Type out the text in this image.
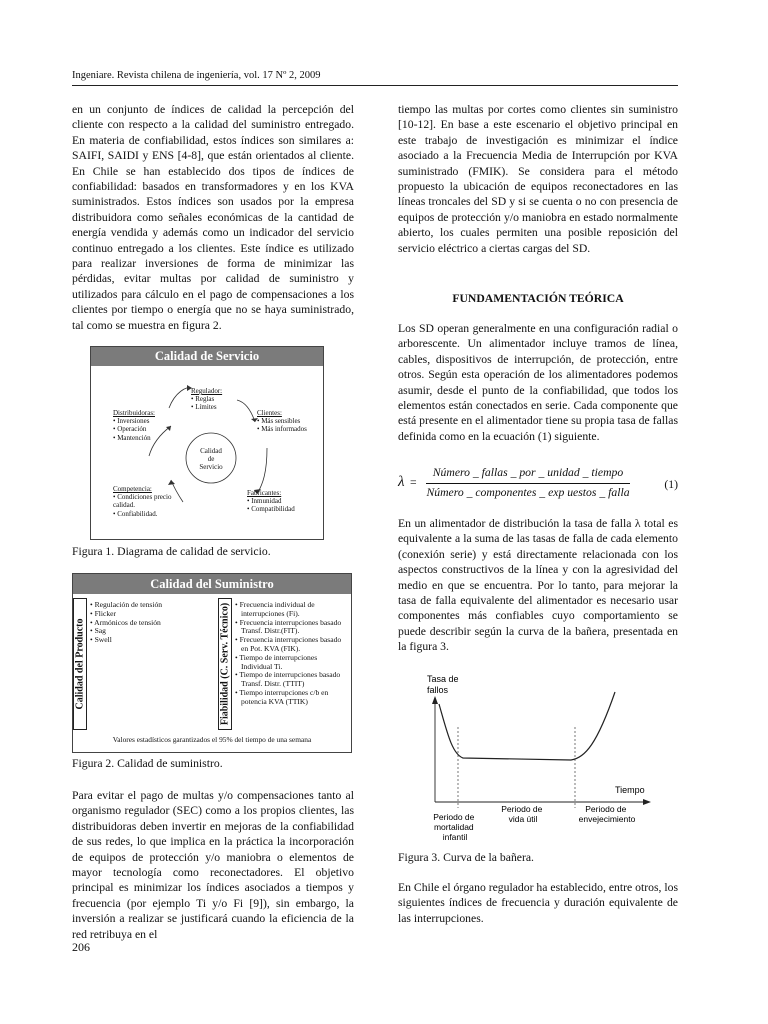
Ingeniare. Revista chilena de ingeniería, vol. 17 Nº 2, 2009

en un conjunto de índices de calidad la percepción del cliente con respecto a la calidad del suministro entregado. En materia de confiabilidad, estos índices son similares a: SAIFI, SAIDI y ENS [4-8], que están orientados al cliente. En Chile se han establecido dos tipos de índices de confiabilidad: basados en transformadores y en los KVA suministrados. Estos índices son usados por la empresa distribuidora como señales económicas de la cantidad de energía vendida y además como un indicador del servicio continuo entregado a los clientes. Este índice es utilizado para realizar inversiones de forma de minimizar las pérdidas, evitar multas por calidad de suministro y utilizados para cálculo en el pago de compensaciones a los clientes por tiempo o energía que no se haya suministrado, tal como se muestra en figura 2.

Calidad de Servicio
Regulador:
• Reglas
• Límites
Distribuidoras:
• Inversiones
• Operación
• Mantención
Clientes:
• Más sensibles
• Más informados
Calidad
de
Servicio
Competencia:
• Condiciones precio calidad.
• Confiabilidad.
Fabricantes:
• Inmunidad
• Compatibilidad
Figura 1. Diagrama de calidad de servicio.
Calidad del Suministro
Calidad del Producto
• Regulación de tensión
• Flicker
• Armónicos de tensión
• Sag
• Swell	Fiabilidad (C. Serv. Técnico)
•	Frecuencia individual de interrupciones (Fi).
• Frecuencia interrupciones basado Transf. Distr.(FIT).
• Frecuencia interrupciones basado en Pot. KVA (FIK).
• Tiempo de interrupciones Individual Ti.
• Tiempo de interrupciones basado Transf. Distr. (TTIT)
• Tiempo interrupciones c/b en potencia KVA (TTIK)
Valores estadísticos garantizados el 95% del tiempo de una semana
Figura 2. Calidad de suministro.

Para evitar el pago de multas y/o compensaciones tanto al organismo regulador (SEC) como a los propios clientes, las distribuidoras deben invertir en mejoras de la confiabilidad de sus redes, lo que implica en la práctica la incorporación de equipos de protección y/o maniobra o elementos de mayor tecnología como reconectadores. El objetivo principal es minimizar los índices asociados a tiempos y frecuencia (por ejemplo Ti y/o Fi [9]), sin embargo, la inversión a realizar se justificará cuando la eficiencia de la red retribuya en el

206

tiempo las multas por cortes como clientes sin suministro [10-12]. En base a este escenario el objetivo principal en este trabajo de investigación es minimizar el índice asociado a la Frecuencia Media de Interrupción por KVA suministrado (FMIK). Se considera para el método propuesto la ubicación de equipos reconectadores en las líneas troncales del SD y si se cuenta o no con presencia de equipos de protección y/o maniobra en estado normalmente abierto, los cuales permiten una posible reposición del servicio eléctrico a ciertas cargas del SD.

FUNDAMENTACIÓN TEÓRICA

Los SD operan generalmente en una configuración radial o arborescente. Un alimentador incluye tramos de línea, cables, dispositivos de interrupción, de protección, entre otros. Según esta operación de los alimentadores podemos asumir, desde el punto de la confiabilidad, que todos los elementos están conectados en serie. Cada componente que está presente en el alimentador tiene su propia tasa de fallas definida como en la ecuación (1) siguiente.

λ =
Número _ fallas _ por _ unidad _ tiempo
Número _ componentes _ exp uestos _ falla
(1)

En un alimentador de distribución la tasa de falla λ total es equivalente a la suma de las tasas de falla de cada elemento (conexión serie) y está directamente relacionada con los aspectos constructivos de la línea y con la agresividad del medio en que se encuentra. Por lo tanto, para mejorar la tasa de falla equivalente del alimentador es necesario usar componentes más confiables cuyo comportamiento se puede describir según la curva de la bañera, presentada en la figura 3.

Tasa de
fallos
Tiempo
Periodo de mortalidad infantil
Periodo de vida útil
Periodo de envejecimiento
Figura 3. Curva de la bañera.

En Chile el órgano regulador ha establecido, entre otros, los siguientes índices de frecuencia y duración equivalente de las interrupciones.
